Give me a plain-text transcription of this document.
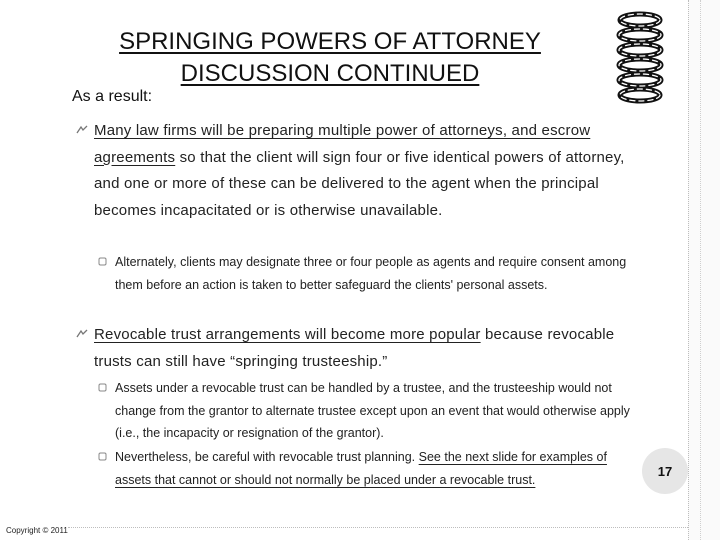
SPRINGING POWERS OF ATTORNEY
DISCUSSION CONTINUED
As a result:
Many law firms will be preparing multiple power of attorneys, and escrow agreements so that the client will sign four or five identical powers of attorney, and one or more of these can be delivered to the agent when the principal becomes incapacitated or is otherwise unavailable.
Alternately, clients may designate three or four people as agents and require consent among them before an action is taken to better safeguard the clients' personal assets.
Revocable trust arrangements will become more popular because revocable trusts can still have “springing trusteeship.”
Assets under a revocable trust can be handled by a trustee, and the trusteeship would not change from the grantor to alternate trustee except upon an event that would otherwise apply (i.e., the incapacity or resignation of the grantor).
Nevertheless, be careful with revocable trust planning. See the next slide for examples of assets that cannot or should not normally be placed under a revocable trust.
17
Copyright © 2011
